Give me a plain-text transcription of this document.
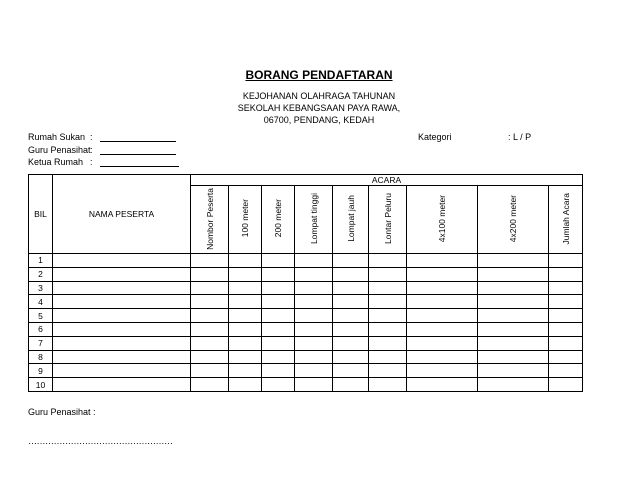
BORANG PENDAFTARAN
KEJOHANAN OLAHRAGA TAHUNAN
SEKOLAH KEBANGSAAN PAYA RAWA,
06700, PENDANG, KEDAH
Rumah Sukan :
Guru Penasihat :
Ketua Rumah :
Kategori	: L / P
BIL	NAMA PESERTA	ACARA								
		Nombor Peserta	100 meter	200 meter	Lompat tinggi	Lompat jauh	Lontar Peluru	4x100 meter	4x200 meter	Jumlah Acara
1										
2										
3										
4										
5										
6										
7										
8										
9										
10										
Guru Penasihat :
……………………………………………
